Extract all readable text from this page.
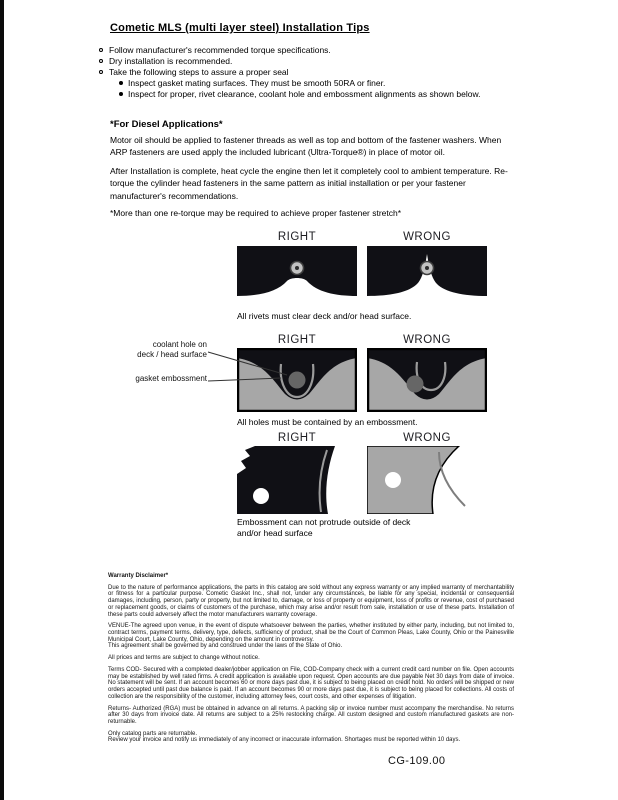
Cometic MLS (multi layer steel) Installation Tips
Follow manufacturer's recommended torque specifications.
Dry installation is recommended.
Take the following steps to assure a proper seal
Inspect gasket mating surfaces. They must be smooth 50RA or finer.
Inspect for proper, rivet clearance, coolant hole and embossment alignments as shown below.
*For Diesel Applications*
Motor oil should be applied to fastener threads as well as top and bottom of the fastener washers. When ARP fasteners are used apply the included lubricant (Ultra-Torque®) in place of motor oil.
After Installation is complete, heat cycle the engine then let it completely cool to ambient temperature. Re-torque the cylinder head fasteners in the same pattern as initial installation or per your fastener manufacturer's recommendations.
*More than one re-torque may be required to achieve proper fastener stretch*
RIGHT	WRONG
All rivets must clear deck and/or head surface.
RIGHT	WRONG
coolant hole on
deck / head surface
gasket embossment
All holes must be contained by an embossment.
RIGHT	WRONG
Embossment can not protrude outside of deck
and/or head surface
Warranty Disclaimer*

Due to the nature of performance applications, the parts in this catalog are sold without any express warranty or any implied warranty of merchantability or fitness for a particular purpose. Cometic Gasket Inc., shall not, under any circumstances, be liable for any special, incidental or consequential damages, including, person, party or property, but not limited to, damage, or loss of property or equipment, loss of profits or revenue, cost of purchased or replacement goods, or claims of customers of the purchase, which may arise and/or result from sale, installation or use of these parts. Installation of these parts could adversely affect the motor manufacturers warranty coverage.

VENUE-The agreed upon venue, in the event of dispute whatsoever between the parties, whether instituted by either party, including, but not limited to, contract terms, payment terms, delivery, type, defects, sufficiency of product, shall be the Court of Common Pleas, Lake County, Ohio or the Painesville Municipal Court, Lake County, Ohio, depending on the amount in controversy.

This agreement shall be governed by and construed under the laws of the State of Ohio.

All prices and terms are subject to change without notice.

Terms COD- Secured with a completed dealer/jobber application on File, COD-Company check with a current credit card number on file. Open accounts may be established by well rated firms. A credit application is available upon request. Open accounts are due payable Net 30 days from date of invoice. No statement will be sent. If an account becomes 60 or more days past due, it is subject to being placed on credit hold. No orders will be shipped or new orders accepted until past due balance is paid. If an account becomes 90 or more days past due, it is subject to being placed for collections. All costs of collection are the responsibility of the customer, including attorney fees, court costs, and other expenses of litigation.

Returns- Authorized (RGA) must be obtained in advance on all returns. A packing slip or invoice number must accompany the merchandise. No returns after 30 days from invoice date. All returns are subject to a 25% restocking charge. All custom designed and custom manufactured gaskets are non-returnable.

Only catalog parts are returnable.

Review your invoice and notify us immediately of any incorrect or inaccurate information. Shortages must be reported within 10 days.

CG-109.00
